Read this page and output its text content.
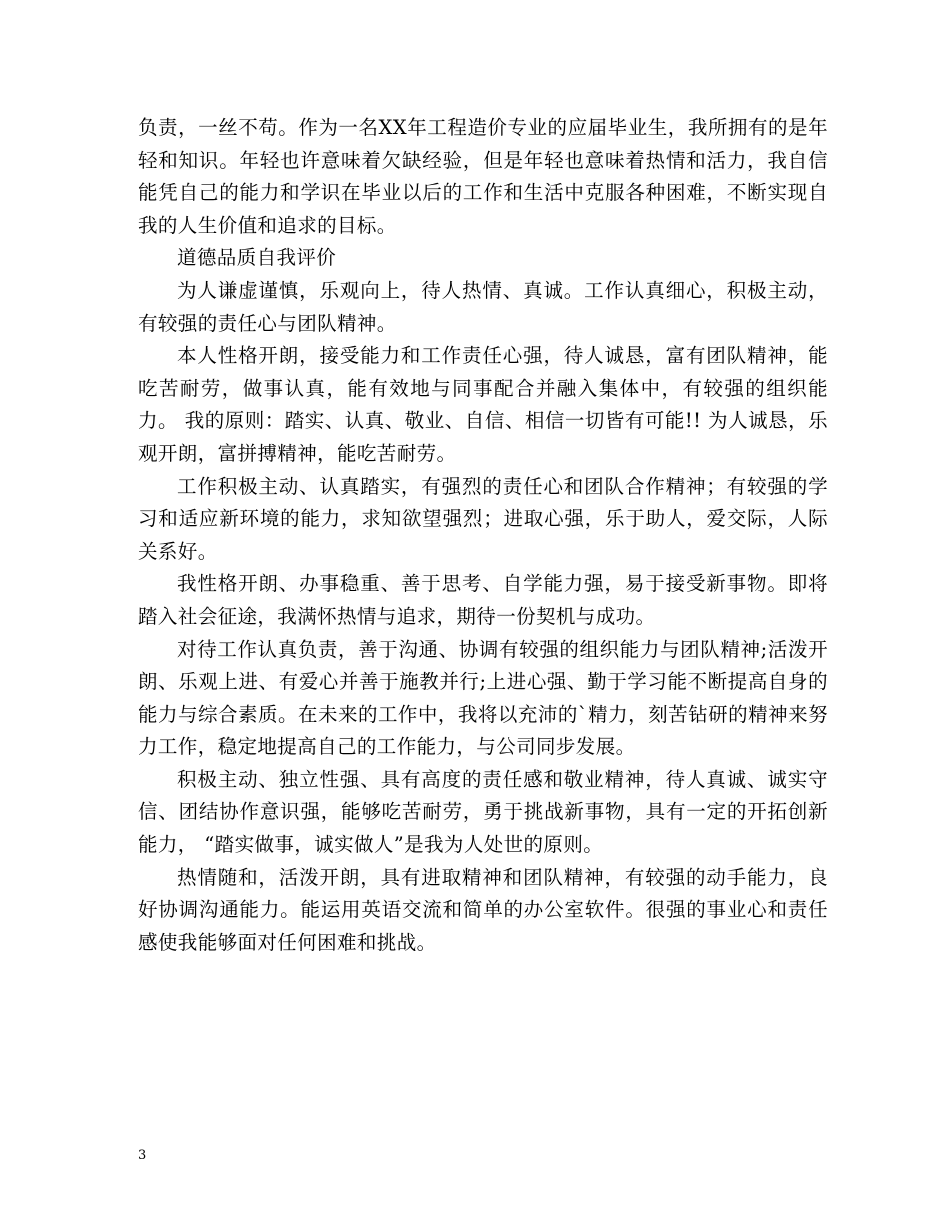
负责，一丝不苟。作为一名XX年工程造价专业的应届毕业生，我所拥有的是年轻和知识。年轻也许意味着欠缺经验，但是年轻也意味着热情和活力，我自信能凭自己的能力和学识在毕业以后的工作和生活中克服各种困难，不断实现自我的人生价值和追求的目标。

道德品质自我评价

为人谦虚谨慎，乐观向上，待人热情、真诚。工作认真细心，积极主动，有较强的责任心与团队精神。

本人性格开朗，接受能力和工作责任心强，待人诚恳，富有团队精神，能吃苦耐劳，做事认真，能有效地与同事配合并融入集体中，有较强的组织能力。 我的原则：踏实、认真、敬业、自信、相信一切皆有可能!! 为人诚恳，乐观开朗，富拼搏精神，能吃苦耐劳。

工作积极主动、认真踏实，有强烈的责任心和团队合作精神；有较强的学习和适应新环境的能力，求知欲望强烈；进取心强，乐于助人，爱交际，人际关系好。

我性格开朗、办事稳重、善于思考、自学能力强，易于接受新事物。即将踏入社会征途，我满怀热情与追求，期待一份契机与成功。

对待工作认真负责，善于沟通、协调有较强的组织能力与团队精神;活泼开朗、乐观上进、有爱心并善于施教并行;上进心强、勤于学习能不断提高自身的能力与综合素质。在未来的工作中，我将以充沛的`精力，刻苦钻研的精神来努力工作，稳定地提高自己的工作能力，与公司同步发展。

积极主动、独立性强、具有高度的责任感和敬业精神，待人真诚、诚实守信、团结协作意识强，能够吃苦耐劳，勇于挑战新事物，具有一定的开拓创新能力， “踏实做事，诚实做人”是我为人处世的原则。

热情随和，活泼开朗，具有进取精神和团队精神，有较强的动手能力，良好协调沟通能力。能运用英语交流和简单的办公室软件。很强的事业心和责任感使我能够面对任何困难和挑战。

3
